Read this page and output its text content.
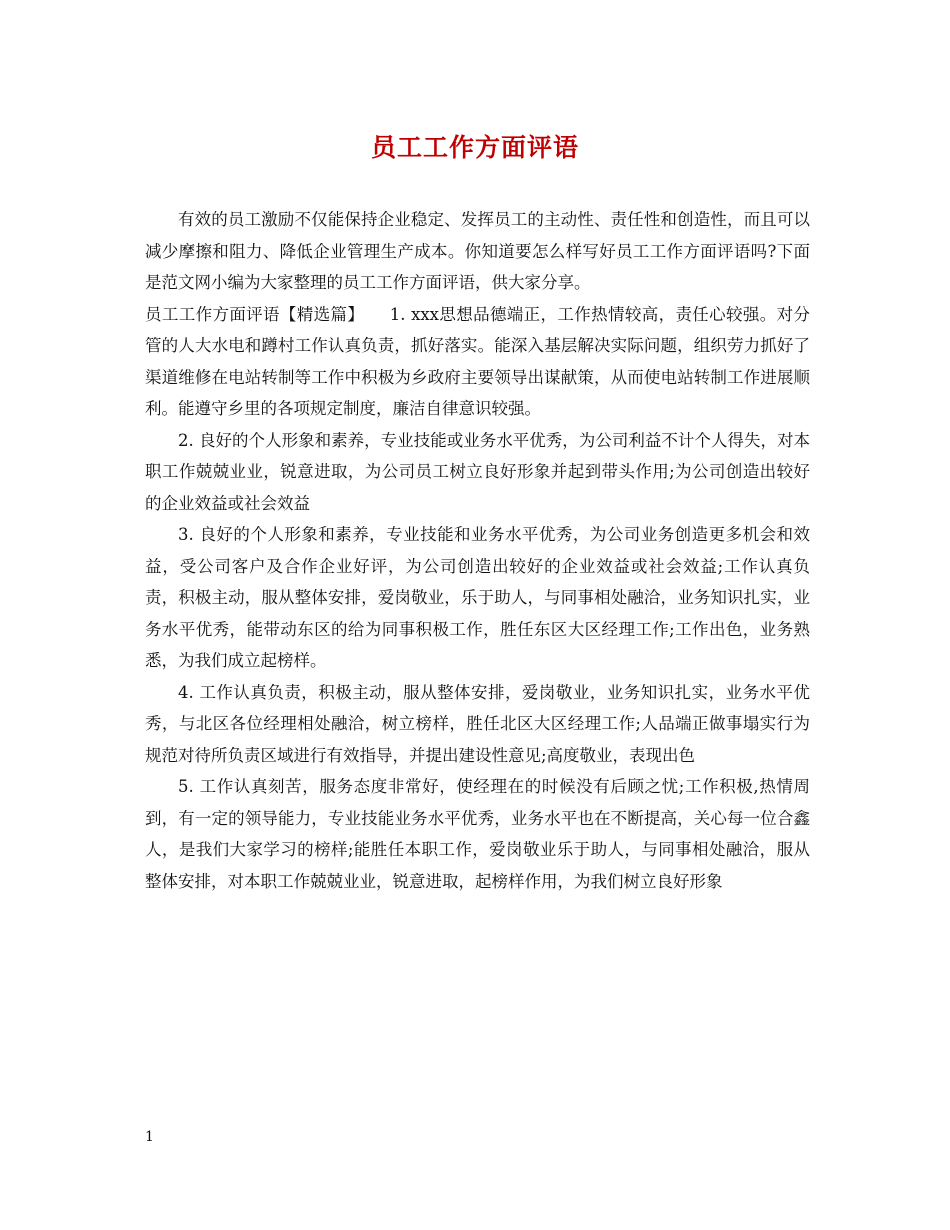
员工工作方面评语

有效的员工激励不仅能保持企业稳定、发挥员工的主动性、责任性和创造性，而且可以减少摩擦和阻力、降低企业管理生产成本。你知道要怎么样写好员工工作方面评语吗?下面是范文网小编为大家整理的员工工作方面评语，供大家分享。

员工工作方面评语【精选篇】　　1. xxx思想品德端正，工作热情较高，责任心较强。对分管的人大水电和蹲村工作认真负责，抓好落实。能深入基层解决实际问题，组织劳力抓好了渠道维修在电站转制等工作中积极为乡政府主要领导出谋献策，从而使电站转制工作进展顺利。能遵守乡里的各项规定制度，廉洁自律意识较强。

2. 良好的个人形象和素养，专业技能或业务水平优秀，为公司利益不计个人得失，对本职工作兢兢业业，锐意进取，为公司员工树立良好形象并起到带头作用;为公司创造出较好的企业效益或社会效益

3. 良好的个人形象和素养，专业技能和业务水平优秀，为公司业务创造更多机会和效益，受公司客户及合作企业好评，为公司创造出较好的企业效益或社会效益;工作认真负责，积极主动，服从整体安排，爱岗敬业，乐于助人，与同事相处融洽，业务知识扎实，业务水平优秀，能带动东区的给为同事积极工作，胜任东区大区经理工作;工作出色，业务熟悉，为我们成立起榜样。

4. 工作认真负责，积极主动，服从整体安排，爱岗敬业，业务知识扎实，业务水平优秀，与北区各位经理相处融洽，树立榜样，胜任北区大区经理工作;人品端正做事塌实行为规范对待所负责区域进行有效指导，并提出建设性意见;高度敬业，表现出色

5. 工作认真刻苦，服务态度非常好，使经理在的时候没有后顾之忧;工作积极,热情周到，有一定的领导能力，专业技能业务水平优秀，业务水平也在不断提高，关心每一位合鑫人，是我们大家学习的榜样;能胜任本职工作，爱岗敬业乐于助人，与同事相处融洽，服从整体安排，对本职工作兢兢业业，锐意进取，起榜样作用，为我们树立良好形象

1
